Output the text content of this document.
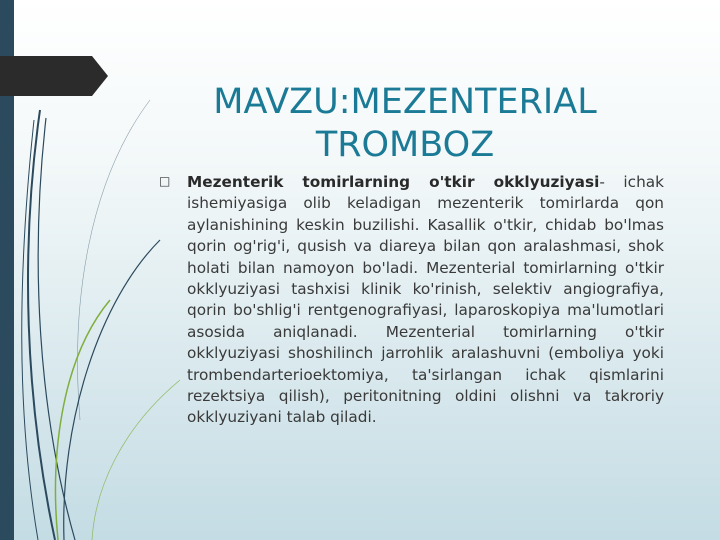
MAVZU:MEZENTERIAL TROMBOZ
□ Mezenterik tomirlarning o'tkir okklyuziyasi- ichak ishemiyasiga olib keladigan mezenterik tomirlarda qon aylanishining keskin buzilishi. Kasallik o'tkir, chidab bo'lmas qorin og'rig'i, qusish va diareya bilan qon aralashmasi, shok holati bilan namoyon bo'ladi. Mezenterial tomirlarning o'tkir okklyuziyasi tashxisi klinik ko'rinish, selektiv angiografiya, qorin bo'shlig'i rentgenografiyasi, laparoskopiya ma'lumotlari asosida aniqlanadi. Mezenterial tomirlarning o'tkir okklyuziyasi shoshilinch jarrohlik aralashuvni (emboliya yoki trombendarterioektomiya, ta'sirlangan ichak qismlarini rezektsiya qilish), peritonitning oldini olishni va takroriy okklyuziyani talab qiladi.
